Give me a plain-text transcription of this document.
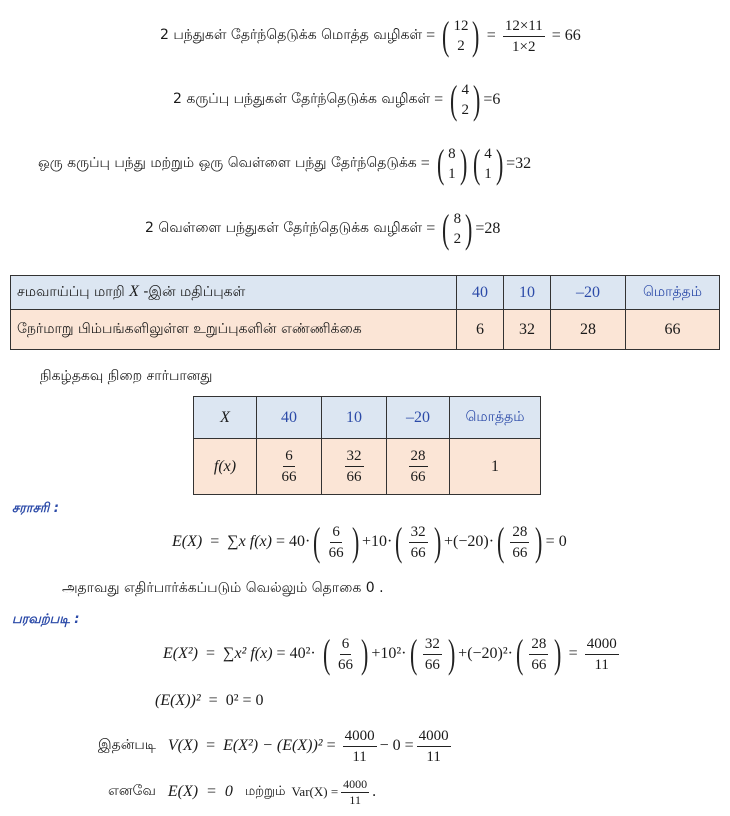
2 பந்துகள் தேர்ந்தெடுக்க மொத்த வழிகள் = ( 12
2 ) = $\frac{12\times 11}{1\times 2} = 66$
2 கருப்பு பந்துகள் தேர்ந்தெடுக்க வழிகள் = ( 4
2 ) = 6
ஒரு கருப்பு பந்து மற்றும் ஒரு வெள்ளை பந்து தேர்ந்தெடுக்க = ( 8
1 ) ( 4
1 ) = 32
2 வெள்ளை பந்துகள் தேர்ந்தெடுக்க வழிகள் = ( 8
2 ) = 28
சமவாய்ப்பு மாறி X -இன் மதிப்புகள்	40	10	–20	மொத்தம்
நேர்மாறு பிம்பங்களிலுள்ள உறுப்புகளின் எண்ணிக்கை	6	32	28	66
நிகழ்தகவு நிறை சார்பானது
X	40	10	–20	மொத்தம்
f(x)	$\frac{6}{66}$	$\frac{32}{66}$	$\frac{28}{66}$	1
சராசரி :
E(X) = ∑x f(x) = 40· ( $\frac{6}{66}$ ) +10· ( $\frac{32}{66}$ ) +(−20)· ( $\frac{28}{66}$ ) = 0
அதாவது எதிர்பார்க்கப்படும் வெல்லும் தொகை 0 .
பரவற்படி :
E(X²) = ∑x² f(x) = 40²· ( $\frac{6}{66}$ ) +10²· ( $\frac{32}{66}$ ) +(−20)²· ( $\frac{28}{66}$ ) = $\frac{4000}{11}$
(E(X))² = 0² = 0
இதன்படி $V(X) = E(X^2) - (E(X))^2 = \frac{4000}{11} - 0 = \frac{4000}{11}$
எனவே E(X)  =  0 மற்றும் $Var(X) = \frac{4000}{11}$ .
